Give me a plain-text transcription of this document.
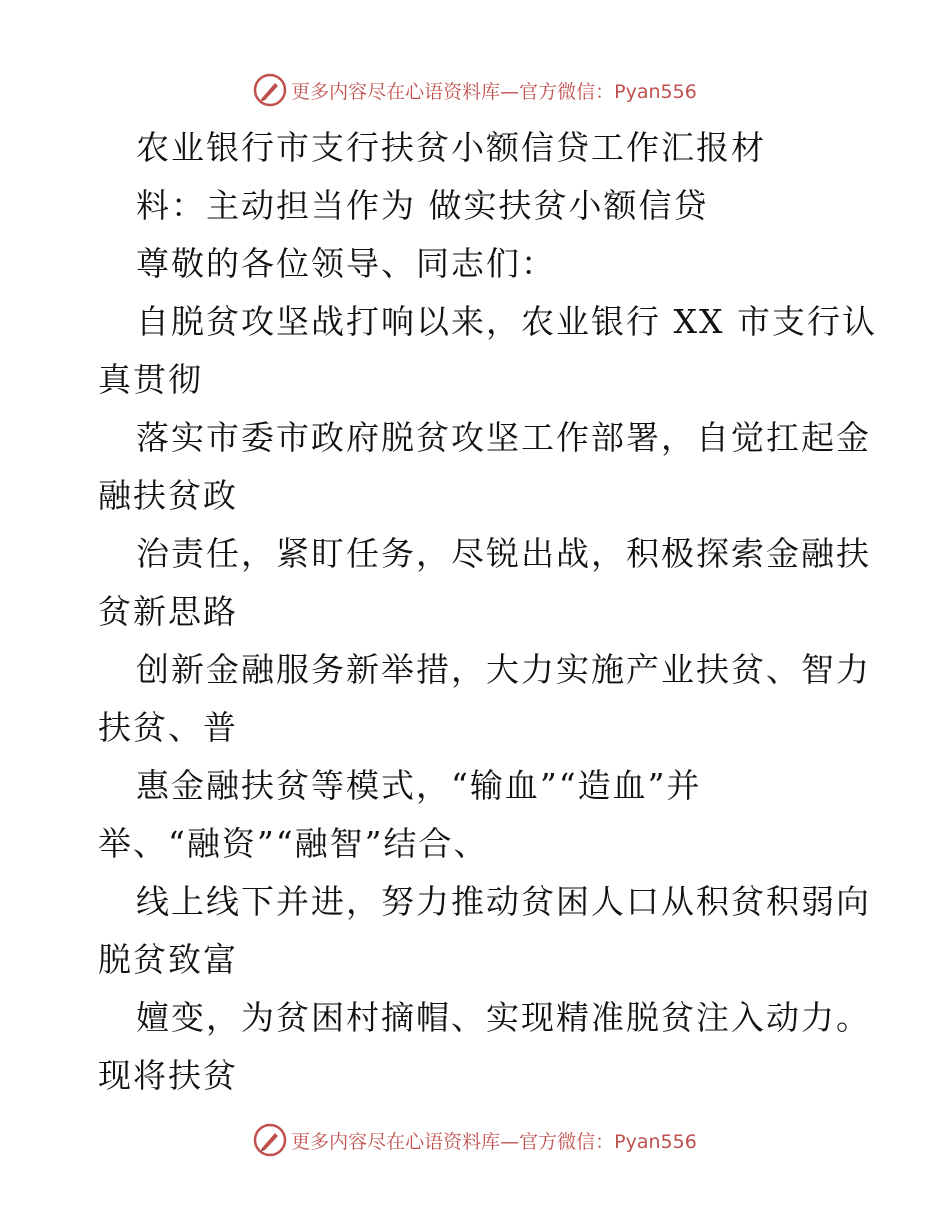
更多内容尽在心语资料库— 官方微信：Pyan556
农业银行市支行扶贫小额信贷工作汇报材
料：主动担当作为 做实扶贫小额信贷
尊敬的各位领导、同志们：
自脱贫攻坚战打响以来，农业银行 XX 市支行认
真贯彻
落实市委市政府脱贫攻坚工作部署，自觉扛起金
融扶贫政
治责任，紧盯任务，尽锐出战，积极探索金融扶
贫新思路
创新金融服务新举措，大力实施产业扶贫、智力
扶贫、普
惠金融扶贫等模式，“输血”“造血”并
举、“融资”“融智”结合、
线上线下并进，努力推动贫困人口从积贫积弱向
脱贫致富
嬗变，为贫困村摘帽、实现精准脱贫注入动力。
现将扶贫
更多内容尽在心语资料库— 官方微信：Pyan556
